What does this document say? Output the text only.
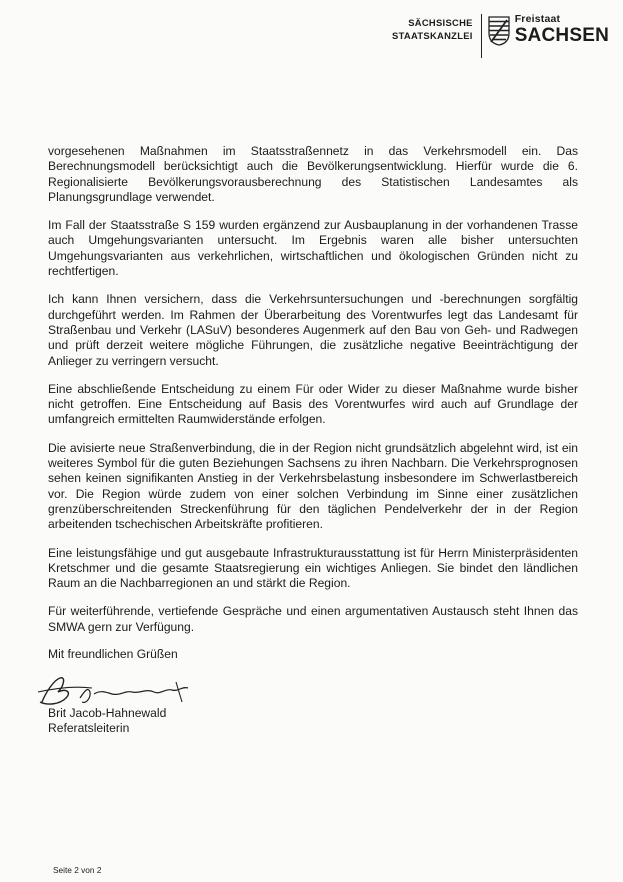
SÄCHSISCHE
STAATSKANZLEI
Freistaat
SACHSEN

vorgesehenen Maßnahmen im Staatsstraßennetz in das Verkehrsmodell ein. Das Berechnungsmodell berücksichtigt auch die Bevölkerungsentwicklung. Hierfür wurde die 6. Regionalisierte Bevölkerungsvorausberechnung des Statistischen Landesamtes als Planungsgrundlage verwendet.

Im Fall der Staatsstraße S 159 wurden ergänzend zur Ausbauplanung in der vorhandenen Trasse auch Umgehungsvarianten untersucht. Im Ergebnis waren alle bisher untersuchten Umgehungsvarianten aus verkehrlichen, wirtschaftlichen und ökologischen Gründen nicht zu rechtfertigen.

Ich kann Ihnen versichern, dass die Verkehrsuntersuchungen und -berechnungen sorgfältig durchgeführt werden. Im Rahmen der Überarbeitung des Vorentwurfes legt das Landesamt für Straßenbau und Verkehr (LASuV) besonderes Augenmerk auf den Bau von Geh- und Radwegen und prüft derzeit weitere mögliche Führungen, die zusätzliche negative Beeinträchtigung der Anlieger zu verringern versucht.

Eine abschließende Entscheidung zu einem Für oder Wider zu dieser Maßnahme wurde bisher nicht getroffen. Eine Entscheidung auf Basis des Vorentwurfes wird auch auf Grundlage der umfangreich ermittelten Raumwiderstände erfolgen.

Die avisierte neue Straßenverbindung, die in der Region nicht grundsätzlich abgelehnt wird, ist ein weiteres Symbol für die guten Beziehungen Sachsens zu ihren Nachbarn. Die Verkehrsprognosen sehen keinen signifikanten Anstieg in der Verkehrsbelastung insbesondere im Schwerlastbereich vor. Die Region würde zudem von einer solchen Verbindung im Sinne einer zusätzlichen grenzüberschreitenden Streckenführung für den täglichen Pendelverkehr der in der Region arbeitenden tschechischen Arbeitskräfte profitieren.

Eine leistungsfähige und gut ausgebaute Infrastrukturausstattung ist für Herrn Ministerpräsidenten Kretschmer und die gesamte Staatsregierung ein wichtiges Anliegen. Sie bindet den ländlichen Raum an die Nachbarregionen an und stärkt die Region.

Für weiterführende, vertiefende Gespräche und einen argumentativen Austausch steht Ihnen das SMWA gern zur Verfügung.

Mit freundlichen Grüßen

Brit Jacob-Hahnewald
Referatsleiterin
Seite 2 von 2
